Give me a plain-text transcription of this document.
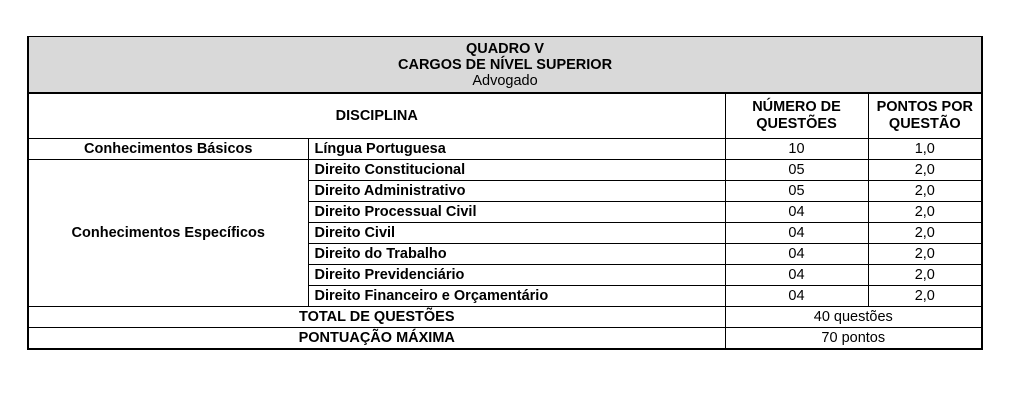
QUADRO V
CARGOS DE NÍVEL SUPERIOR
Advogado			

DISCIPLINA		NÚMERO DE QUESTÕES	PONTOS POR QUESTÃO
Conhecimentos Básicos	Língua Portuguesa	10	1,0
Conhecimentos Específicos	Direito Constitucional	05	2,0
	Direito Administrativo	05	2,0
	Direito Processual Civil	04	2,0
	Direito Civil	04	2,0
	Direito do Trabalho	04	2,0
	Direito Previdenciário	04	2,0
	Direito Financeiro e Orçamentário	04	2,0
TOTAL DE QUESTÕES		40 questões	
PONTUAÇÃO MÁXIMA		70 pontos	
